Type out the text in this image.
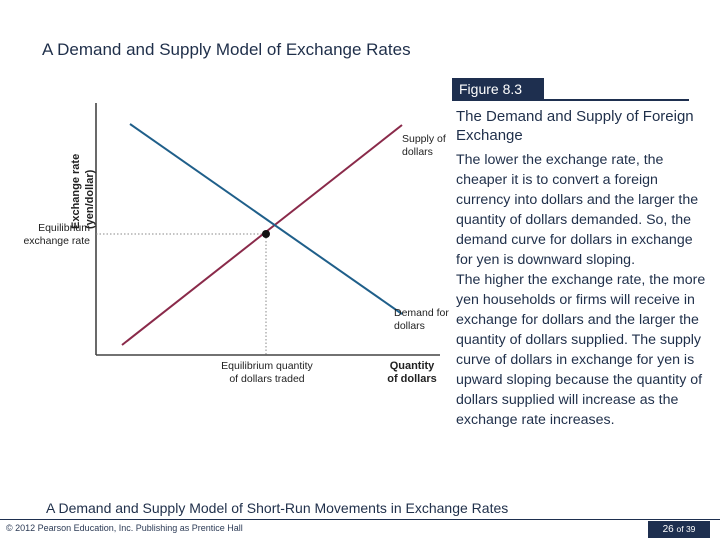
A Demand and Supply Model of Exchange Rates
Exchange rate (yen/dollar)
Equilibrium
exchange rate
Supply of
dollars
Demand for
dollars
Equilibrium quantity
of dollars traded
Quantity
of dollars
Figure 8.3
The Demand and Supply of Foreign Exchange

The lower the exchange rate, the cheaper it is to convert a foreign currency into dollars and the larger the quantity of dollars demanded. So, the demand curve for dollars in exchange for yen is downward sloping.

The higher the exchange rate, the more yen households or firms will receive in exchange for dollars and the larger the quantity of dollars supplied. The supply curve of dollars in exchange for yen is upward sloping because the quantity of dollars supplied will increase as the exchange rate increases.

A Demand and Supply Model of Short-Run Movements in Exchange Rates
© 2012 Pearson Education, Inc. Publishing as Prentice Hall	26 of 39
